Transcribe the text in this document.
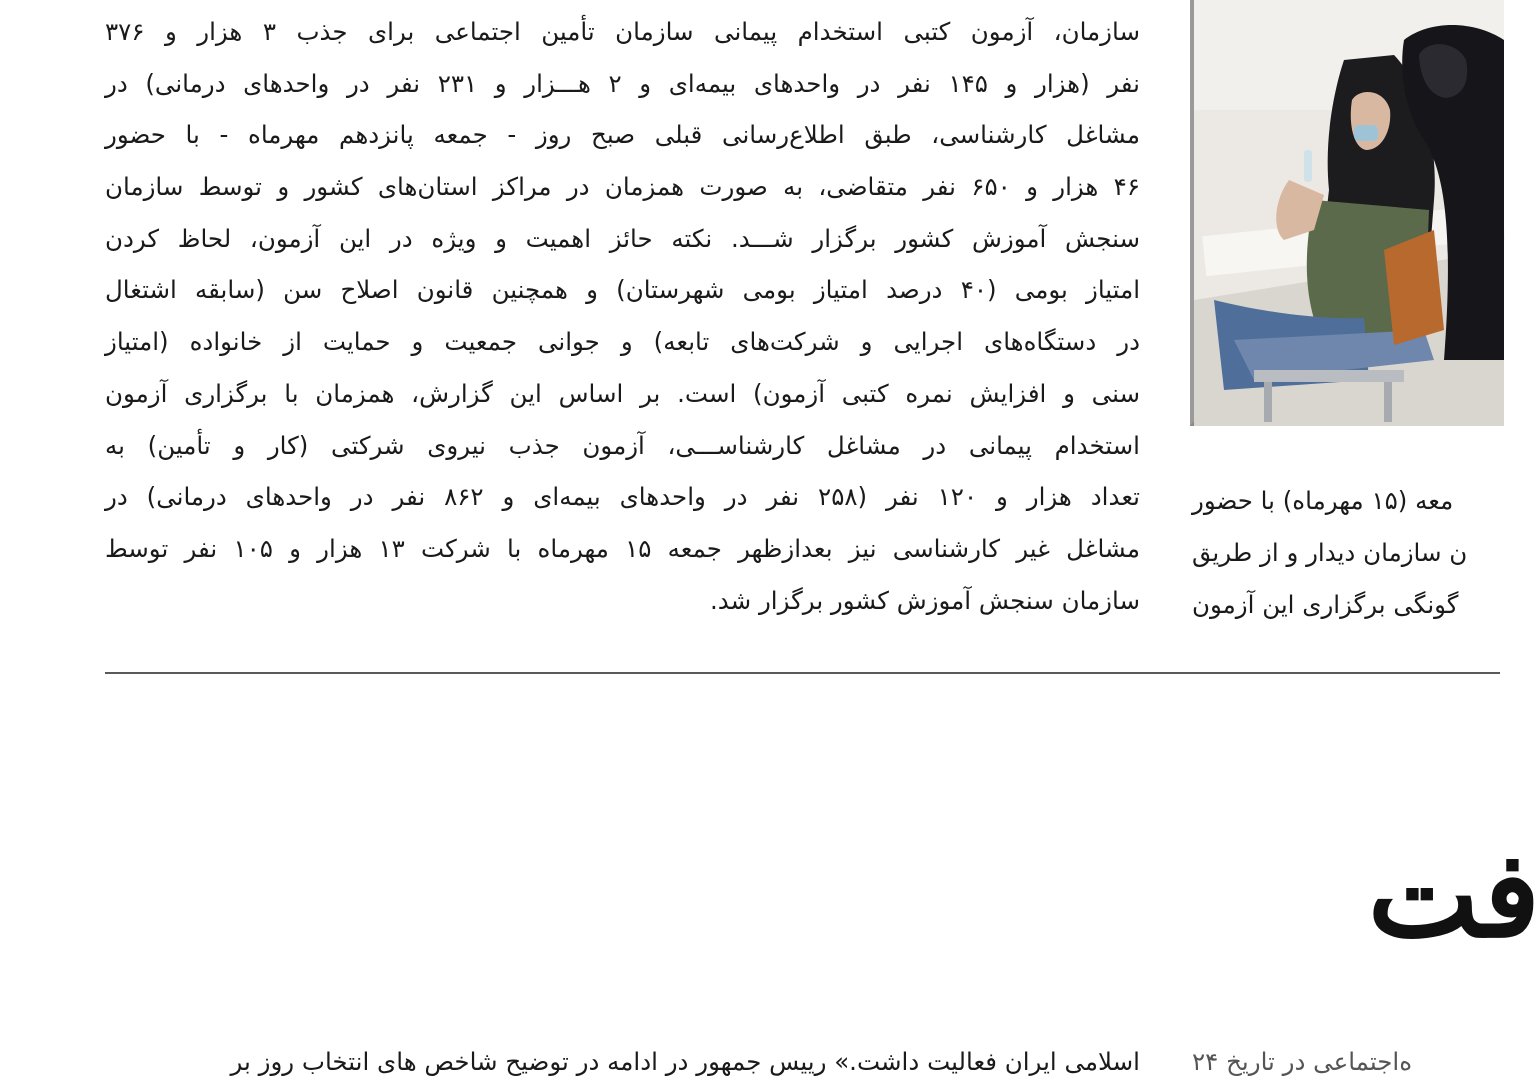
سازمان، آزمون کتبی استخدام پیمانی سازمان تأمین اجتماعی برای جذب ۳ هزار و ۳۷۶
نفر (هزار و ۱۴۵ نفر در واحدهای بیمه‌ای و ۲ هـــزار و ۲۳۱ نفر در واحدهای درمانی) در
مشاغل کارشناسی، طبق اطلاع‌رسانی قبلی صبح روز - جمعه پانزدهم مهرماه - با حضور
۴۶ هزار و ۶۵۰ نفر متقاضی، به صورت همزمان در مراکز استان‌های کشور و توسط سازمان
سنجش آموزش کشور برگزار شـــد. نکته حائز اهمیت و ویژه در این آزمون، لحاظ کردن
امتیاز بومی (۴۰ درصد امتیاز بومی شهرستان) و همچنین قانون اصلاح سن (سابقه اشتغال
در دستگاه‌های اجرایی و شرکت‌های تابعه) و جوانی جمعیت و حمایت از خانواده (امتیاز
سنی و افزایش نمره کتبی آزمون) است. بر اساس این گزارش، همزمان با برگزاری آزمون
استخدام پیمانی در مشاغل کارشناســـی، آزمون جذب نیروی شرکتی (کار و تأمین) به
تعداد هزار و ۱۲۰ نفر (۲۵۸ نفر در واحدهای بیمه‌ای و ۸۶۲ نفر در واحدهای درمانی) در
مشاغل غیر کارشناسی نیز بعدازظهر جمعه ۱۵ مهرماه با شرکت ۱۳ هزار و ۱۰۵ نفر توسط
سازمان سنجش آموزش کشور برگزار شد.
معه (۱۵ مهرماه) با حضور
ن سازمان دیدار و از طریق
گونگی برگزاری این آزمون
فت
اسلامی ایران فعالیت داشت.» رییس جمهور در ادامه در توضیح شاخص های انتخاب روز بر ه‌اجتماعی در تاریخ ۲۴
